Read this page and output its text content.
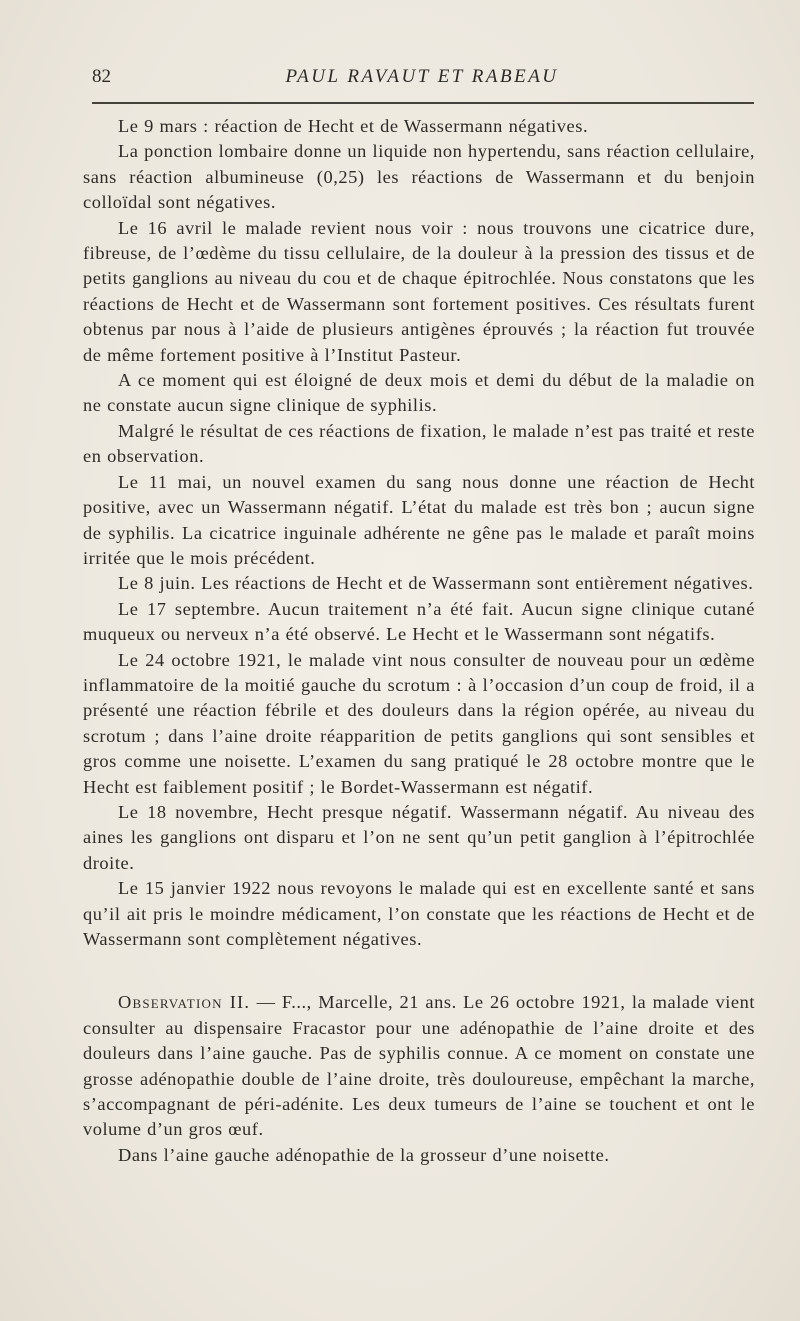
82	PAUL RAVAUT ET RABEAU

Le 9 mars : réaction de Hecht et de Wassermann négatives.

La ponction lombaire donne un liquide non hypertendu, sans réaction cellulaire, sans réaction albumineuse (0,25) les réactions de Wassermann et du benjoin colloïdal sont négatives.

Le 16 avril le malade revient nous voir : nous trouvons une cicatrice dure, fibreuse, de l’œdème du tissu cellulaire, de la douleur à la pression des tissus et de petits ganglions au niveau du cou et de chaque épitrochlée. Nous constatons que les réactions de Hecht et de Wassermann sont fortement positives. Ces résultats furent obtenus par nous à l’aide de plusieurs antigènes éprouvés ; la réaction fut trouvée de même fortement positive à l’Institut Pasteur.

A ce moment qui est éloigné de deux mois et demi du début de la maladie on ne constate aucun signe clinique de syphilis.

Malgré le résultat de ces réactions de fixation, le malade n’est pas traité et reste en observation.

Le 11 mai, un nouvel examen du sang nous donne une réaction de Hecht positive, avec un Wassermann négatif. L’état du malade est très bon ; aucun signe de syphilis. La cicatrice inguinale adhérente ne gêne pas le malade et paraît moins irritée que le mois précédent.

Le 8 juin. Les réactions de Hecht et de Wassermann sont entièrement négatives.

Le 17 septembre. Aucun traitement n’a été fait. Aucun signe clinique cutané muqueux ou nerveux n’a été observé. Le Hecht et le Wassermann sont négatifs.

Le 24 octobre 1921, le malade vint nous consulter de nouveau pour un œdème inflammatoire de la moitié gauche du scrotum : à l’occasion d’un coup de froid, il a présenté une réaction fébrile et des douleurs dans la région opérée, au niveau du scrotum ; dans l’aine droite réapparition de petits ganglions qui sont sensibles et gros comme une noisette. L’examen du sang pratiqué le 28 octobre montre que le Hecht est faiblement positif ; le Bordet-Wassermann est négatif.

Le 18 novembre, Hecht presque négatif. Wassermann négatif. Au niveau des aines les ganglions ont disparu et l’on ne sent qu’un petit ganglion à l’épitrochlée droite.

Le 15 janvier 1922 nous revoyons le malade qui est en excellente santé et sans qu’il ait pris le moindre médicament, l’on constate que les réactions de Hecht et de Wassermann sont complètement négatives.

Observation II. — F..., Marcelle, 21 ans. Le 26 octobre 1921, la malade vient consulter au dispensaire Fracastor pour une adénopathie de l’aine droite et des douleurs dans l’aine gauche. Pas de syphilis connue. A ce moment on constate une grosse adénopathie double de l’aine droite, très douloureuse, empêchant la marche, s’accompagnant de péri-adénite. Les deux tumeurs de l’aine se touchent et ont le volume d’un gros œuf.

Dans l’aine gauche adénopathie de la grosseur d’une noisette.
